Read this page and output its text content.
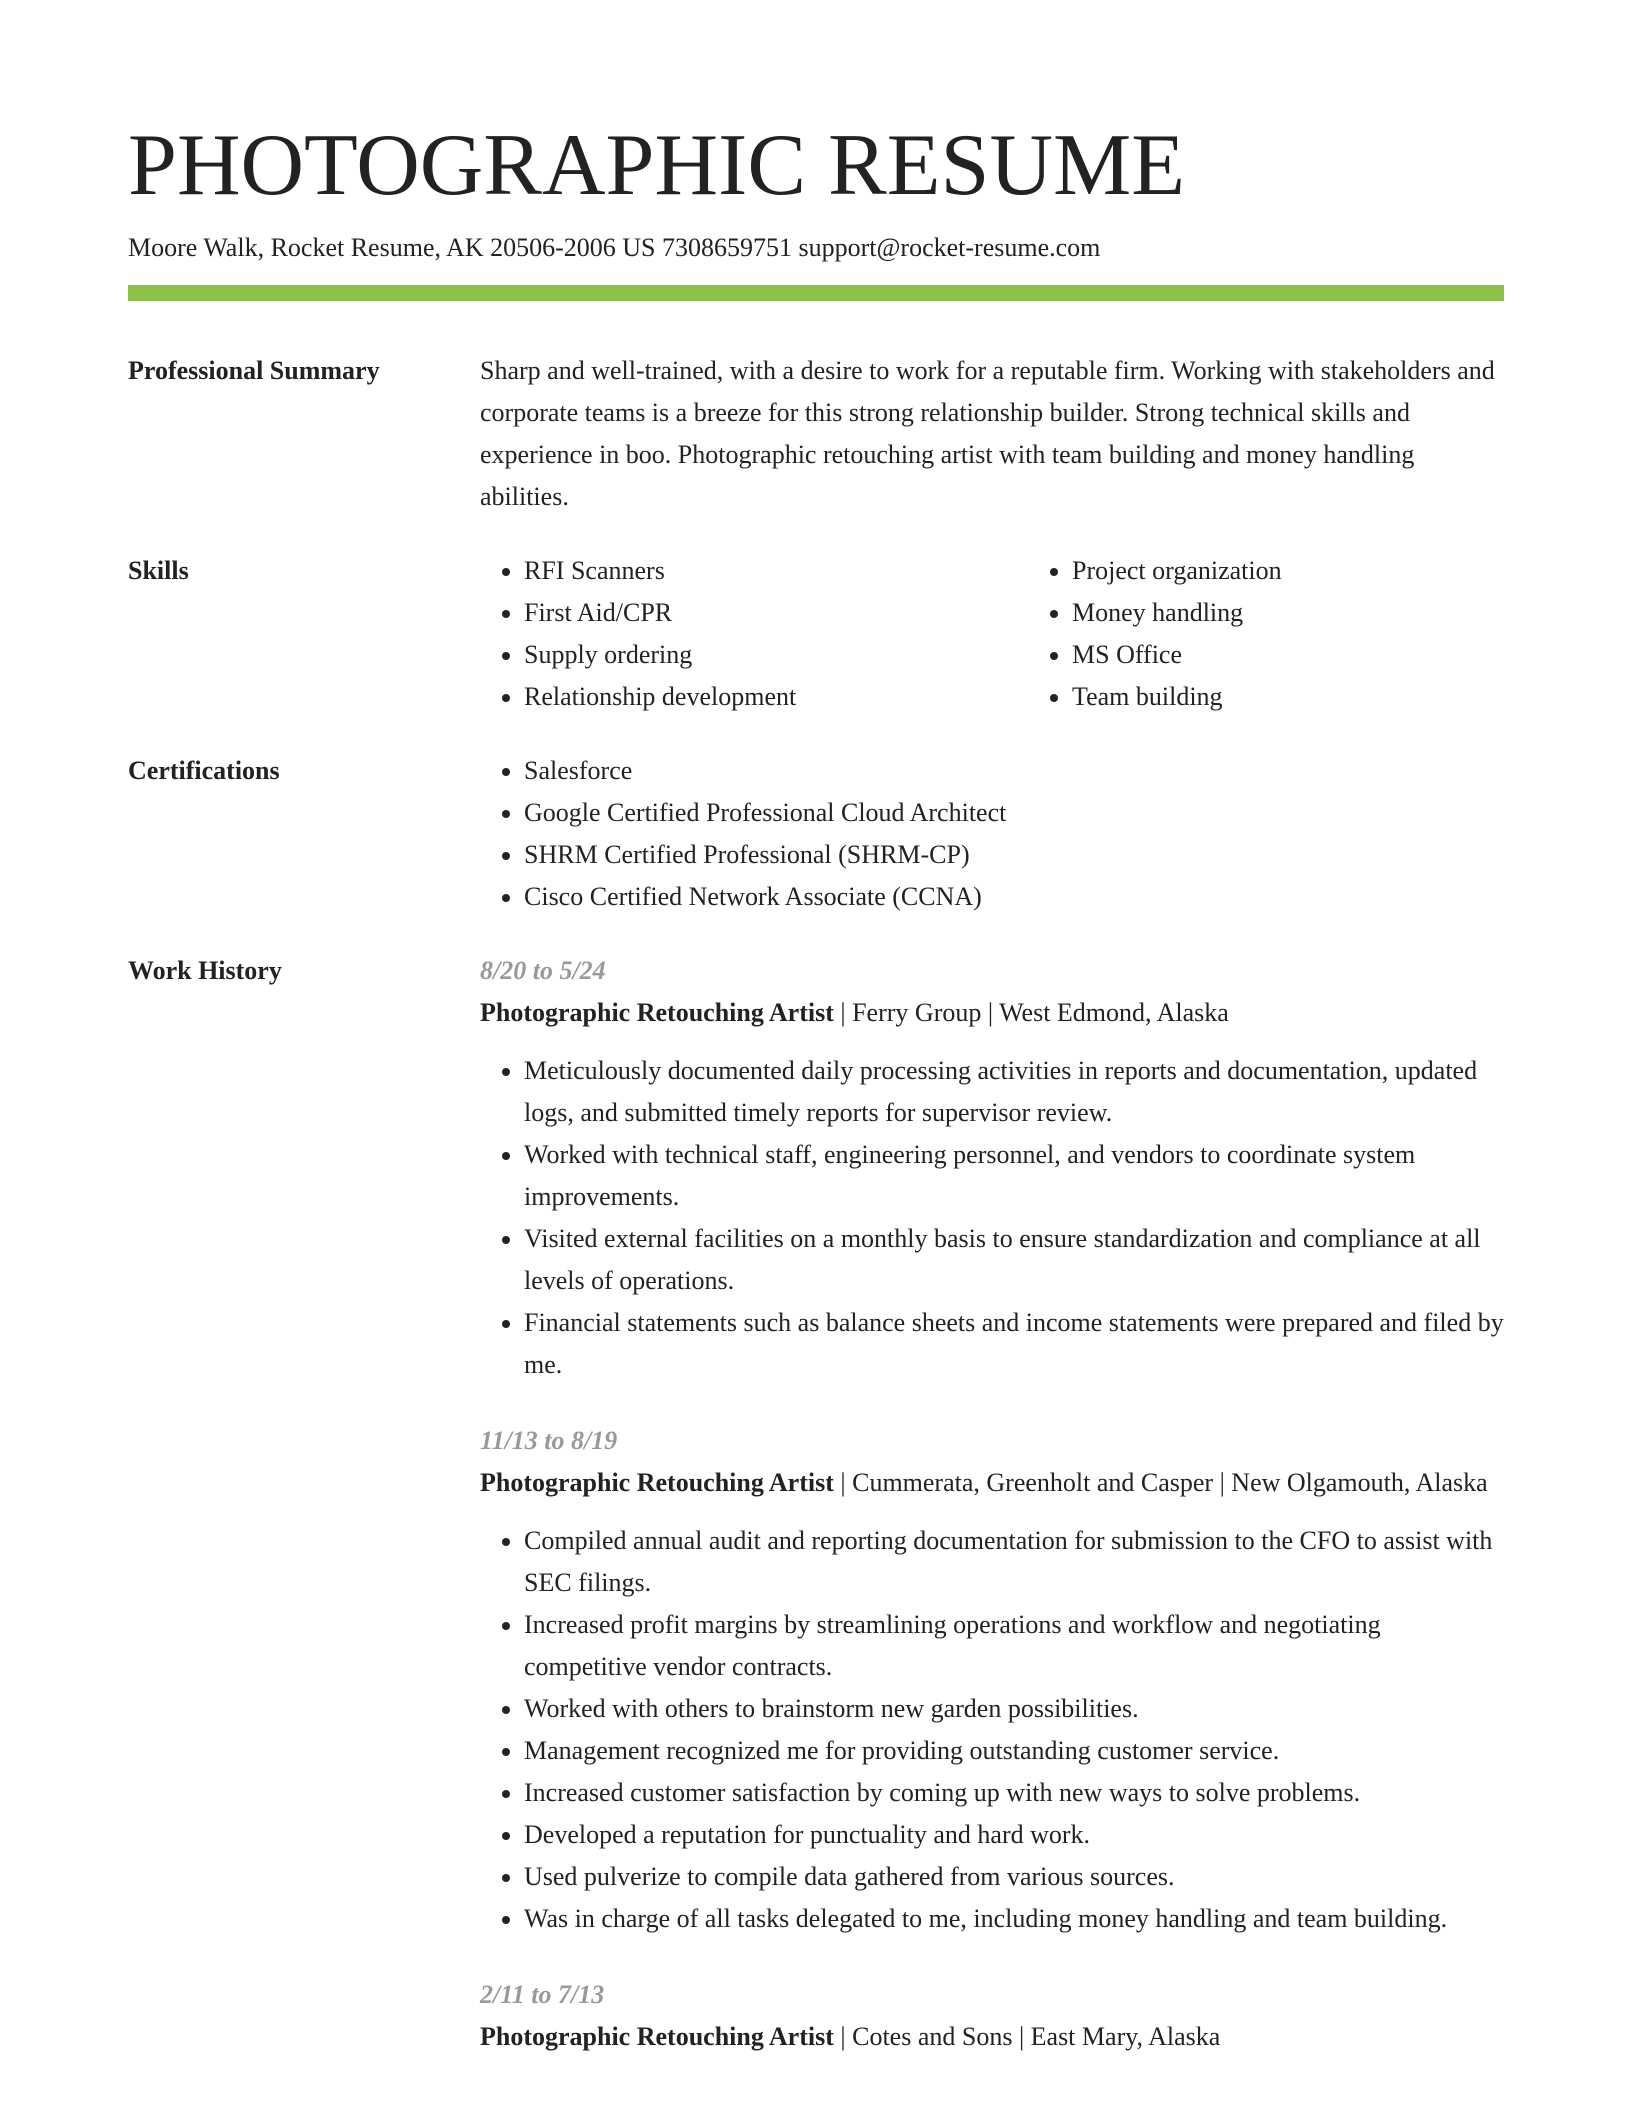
PHOTOGRAPHIC RESUME
Moore Walk, Rocket Resume, AK 20506-2006 US 7308659751 support@rocket-resume.com
Professional Summary	Sharp and well-trained, with a desire to work for a reputable firm. Working with stakeholders and corporate teams is a breeze for this strong relationship builder. Strong technical skills and experience in boo. Photographic retouching artist with team building and money handling abilities.

Skills	• RFI Scanners
• First Aid/CPR
• Supply ordering
• Relationship development
• Project organization
• Money handling
• MS Office
• Team building
Certifications	• Salesforce
• Google Certified Professional Cloud Architect
• SHRM Certified Professional (SHRM-CP)
• Cisco Certified Network Associate (CCNA)
Work History	8/20 to 5/24
Photographic Retouching Artist | Ferry Group | West Edmond, Alaska
• Meticulously documented daily processing activities in reports and documentation, updated logs, and submitted timely reports for supervisor review.
• Worked with technical staff, engineering personnel, and vendors to coordinate system improvements.
• Visited external facilities on a monthly basis to ensure standardization and compliance at all levels of operations.
• Financial statements such as balance sheets and income statements were prepared and filed by me.
11/13 to 8/19
Photographic Retouching Artist | Cummerata, Greenholt and Casper | New Olgamouth, Alaska
• Compiled annual audit and reporting documentation for submission to the CFO to assist with SEC filings.
• Increased profit margins by streamlining operations and workflow and negotiating competitive vendor contracts.
• Worked with others to brainstorm new garden possibilities.
• Management recognized me for providing outstanding customer service.
• Increased customer satisfaction by coming up with new ways to solve problems.
• Developed a reputation for punctuality and hard work.
• Used pulverize to compile data gathered from various sources.
• Was in charge of all tasks delegated to me, including money handling and team building.
2/11 to 7/13
Photographic Retouching Artist | Cotes and Sons | East Mary, Alaska
